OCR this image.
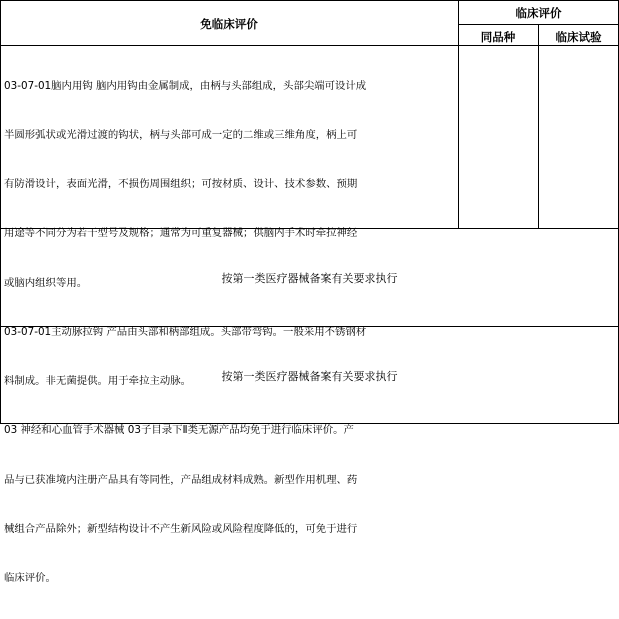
免临床评价
临床评价
同品种	临床试验

03-07-01脑内用钩 脑内用钩由金属制成，由柄与头部组成，头部尖端可设计成

半圆形弧状或光滑过渡的钩状，柄与头部可成一定的二维或三维角度，柄上可

有防滑设计，表面光滑，不损伤周围组织；可按材质、设计、技术参数、预期

用途等不同分为若干型号及规格；通常为可重复器械；供脑内手术时牵拉神经

或脑内组织等用。

03-07-01主动脉拉钩 产品由头部和柄部组成。头部带弯钩。一般采用不锈钢材

料制成。非无菌提供。用于牵拉主动脉。

03 神经和心血管手术器械 03子目录下Ⅱ类无源产品均免于进行临床评价。产

品与已获准境内注册产品具有等同性，产品组成材料成熟。新型作用机理、药

械组合产品除外；新型结构设计不产生新风险或风险程度降低的，可免于进行

临床评价。

按第一类医疗器械备案有关要求执行
按第一类医疗器械备案有关要求执行
